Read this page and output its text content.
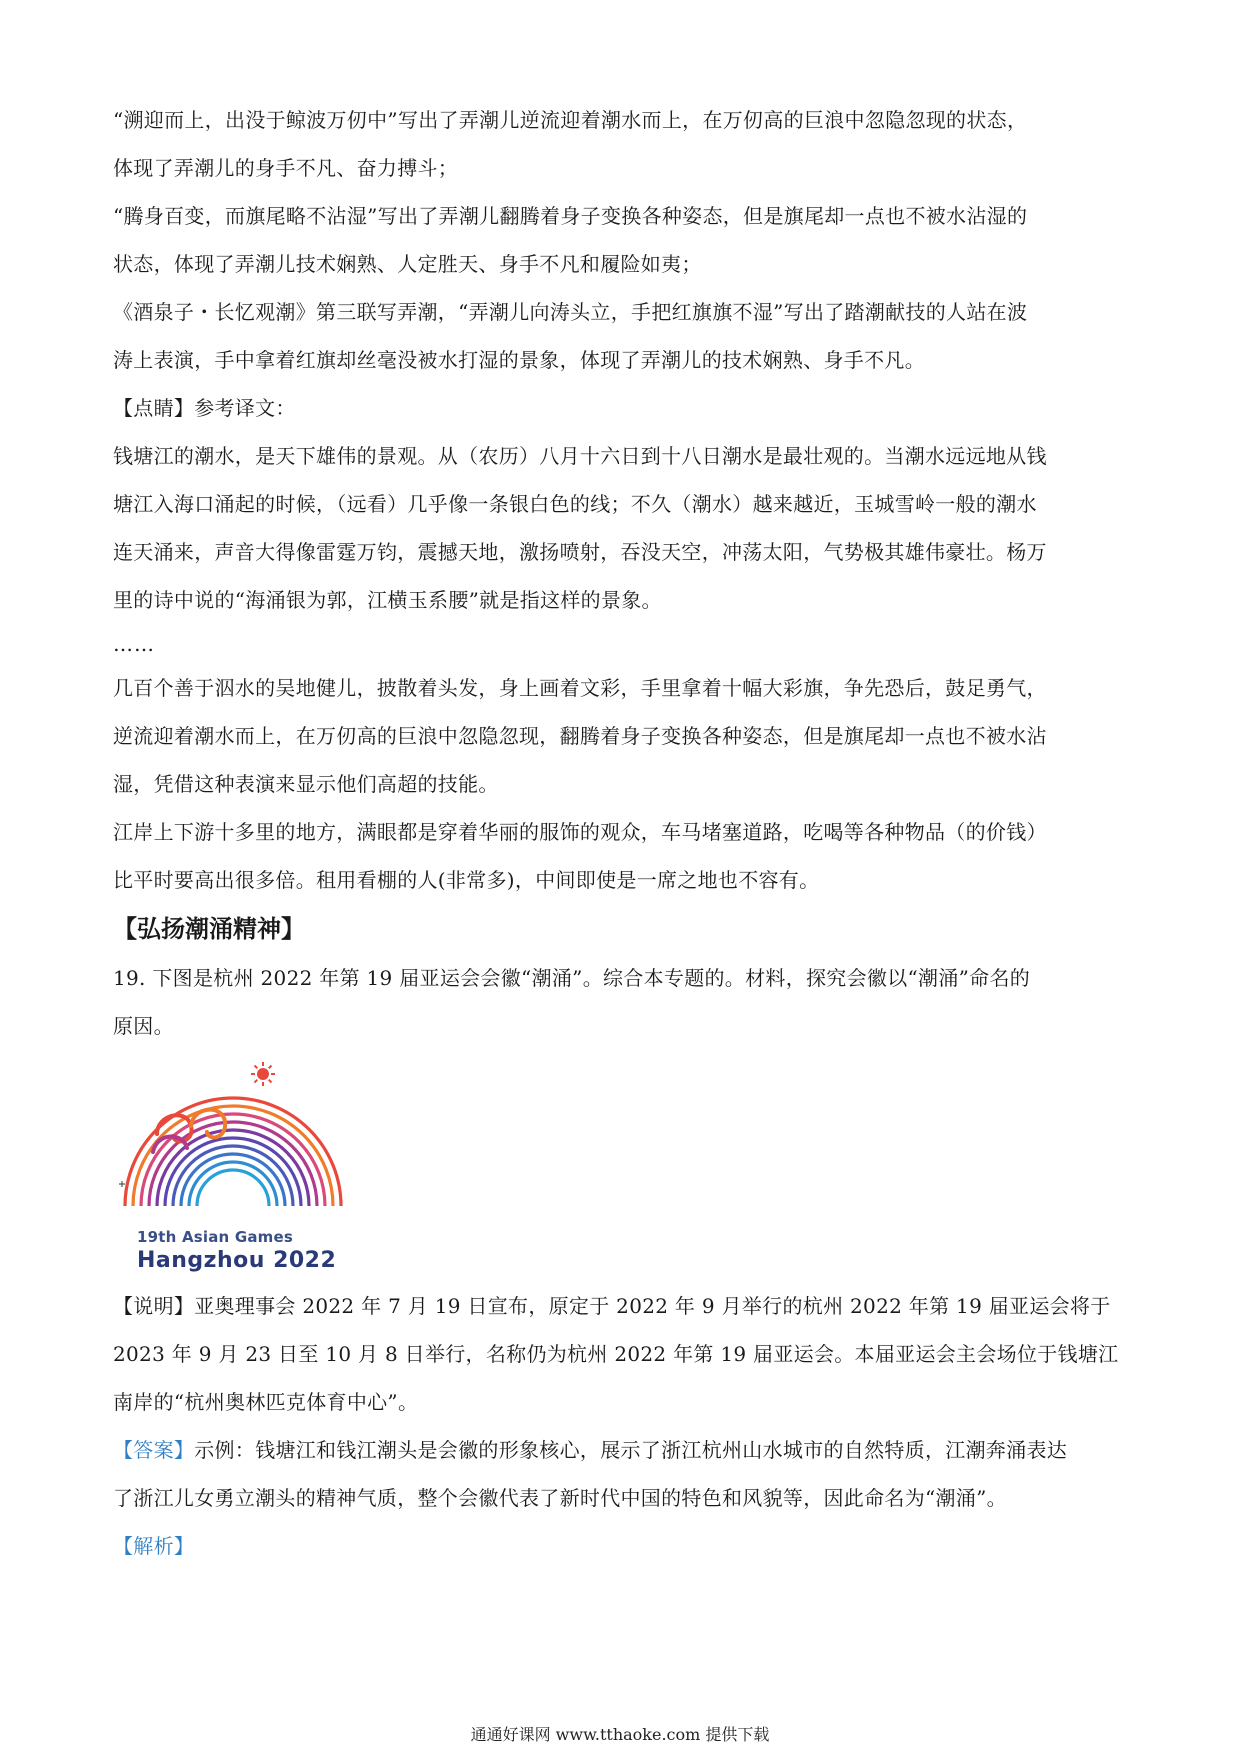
“溯迎而上，出没于鲸波万仞中”写出了弄潮儿逆流迎着潮水而上，在万仞高的巨浪中忽隐忽现的状态，

体现了弄潮儿的身手不凡、奋力搏斗；

“腾身百变，而旗尾略不沾湿”写出了弄潮儿翻腾着身子变换各种姿态，但是旗尾却一点也不被水沾湿的

状态，体现了弄潮儿技术娴熟、人定胜天、身手不凡和履险如夷；

《酒泉子・长忆观潮》第三联写弄潮，“弄潮儿向涛头立，手把红旗旗不湿”写出了踏潮献技的人站在波

涛上表演，手中拿着红旗却丝毫没被水打湿的景象，体现了弄潮儿的技术娴熟、身手不凡。

【点睛】参考译文：

钱塘江的潮水，是天下雄伟的景观。从（农历）八月十六日到十八日潮水是最壮观的。当潮水远远地从钱

塘江入海口涌起的时候，（远看）几乎像一条银白色的线；不久（潮水）越来越近，玉城雪岭一般的潮水

连天涌来，声音大得像雷霆万钧，震撼天地，激扬喷射，吞没天空，冲荡太阳，气势极其雄伟豪壮。杨万

里的诗中说的“海涌银为郭，江横玉系腰”就是指这样的景象。

……

几百个善于泅水的吴地健儿，披散着头发，身上画着文彩，手里拿着十幅大彩旗，争先恐后，鼓足勇气，

逆流迎着潮水而上，在万仞高的巨浪中忽隐忽现，翻腾着身子变换各种姿态，但是旗尾却一点也不被水沾

湿，凭借这种表演来显示他们高超的技能。

江岸上下游十多里的地方，满眼都是穿着华丽的服饰的观众，车马堵塞道路，吃喝等各种物品（的价钱）

比平时要高出很多倍。租用看棚的人(非常多)，中间即使是一席之地也不容有。

【弘扬潮涌精神】

19. 下图是杭州 2022 年第 19 届亚运会会徽“潮涌”。综合本专题的。材料，探究会徽以“潮涌”命名的

原因。

19th Asian Games
Hangzhou 2022

【说明】亚奥理事会 2022 年 7 月 19 日宣布，原定于 2022 年 9 月举行的杭州 2022 年第 19 届亚运会将于

2023 年 9 月 23 日至 10 月 8 日举行，名称仍为杭州 2022 年第 19 届亚运会。本届亚运会主会场位于钱塘江

南岸的“杭州奥林匹克体育中心”。

【答案】示例：钱塘江和钱江潮头是会徽的形象核心，展示了浙江杭州山水城市的自然特质，江潮奔涌表达

了浙江儿女勇立潮头的精神气质，整个会徽代表了新时代中国的特色和风貌等，因此命名为“潮涌”。

【解析】

通通好课网 www.tthaoke.com 提供下载
